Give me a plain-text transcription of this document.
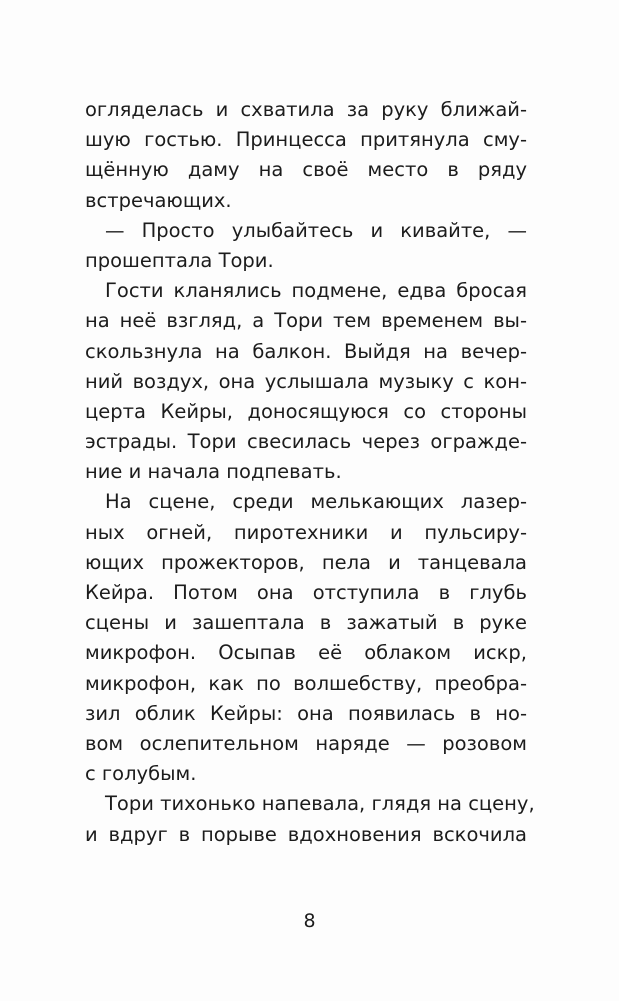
огляделась и схватила за руку ближай-
шую гостью. Принцесса притянула сму-
щённую даму на своё место в ряду
встречающих.
— Просто улыбайтесь и кивайте, —
прошептала Тори.
Гости кланялись подмене, едва бросая
на неё взгляд, а Тори тем временем вы-
скользнула на балкон. Выйдя на вечер-
ний воздух, она услышала музыку с кон-
церта Кейры, доносящуюся со стороны
эстрады. Тори свесилась через огражде-
ние и начала подпевать.
На сцене, среди мелькающих лазер-
ных огней, пиротехники и пульсиру-
ющих прожекторов, пела и танцевала
Кейра. Потом она отступила в глубь
сцены и зашептала в зажатый в руке
микрофон. Осыпав её облаком искр,
микрофон, как по волшебству, преобра-
зил облик Кейры: она появилась в но-
вом ослепительном наряде — розовом
с голубым.
Тори тихонько напевала, глядя на сцену,
и вдруг в порыве вдохновения вскочила
8
